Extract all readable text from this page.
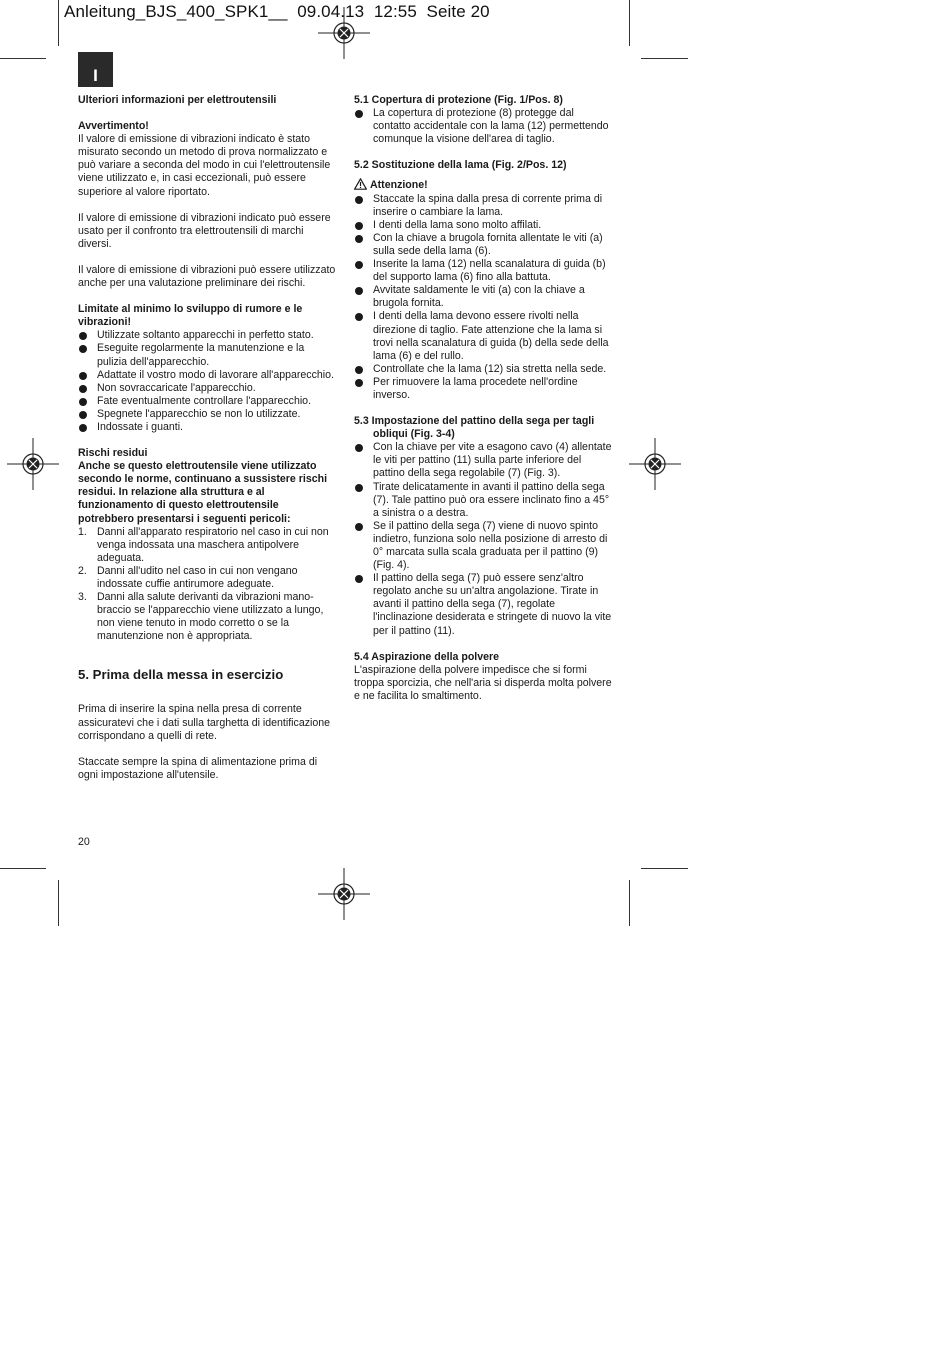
Anleitung_BJS_400_SPK1__  09.04.13  12:55  Seite 20
I

Ulteriori informazioni per elettroutensili

Avvertimento!

Il valore di emissione di vibrazioni indicato è stato misurato secondo un metodo di prova normalizzato e può variare a seconda del modo in cui l'elettroutensile viene utilizzato e, in casi eccezionali, può essere superiore al valore riportato.

Il valore di emissione di vibrazioni indicato può essere usato per il confronto tra elettroutensili di marchi diversi.

Il valore di emissione di vibrazioni può essere utilizzato anche per una valutazione preliminare dei rischi.

Limitate al minimo lo sviluppo di rumore e le vibrazioni!

Utilizzate soltanto apparecchi in perfetto stato.
Eseguite regolarmente la manutenzione e la pulizia dell'apparecchio.
Adattate il vostro modo di lavorare all'apparecchio.
Non sovraccaricate l'apparecchio.
Fate eventualmente controllare l'apparecchio.
Spegnete l'apparecchio se non lo utilizzate.
Indossate i guanti.

Rischi residui

Anche se questo elettroutensile viene utilizzato secondo le norme, continuano a sussistere rischi residui. In relazione alla struttura e al funzionamento di questo elettroutensile potrebbero presentarsi i seguenti pericoli:

1. Danni all'apparato respiratorio nel caso in cui non venga indossata una maschera antipolvere adeguata.
2. Danni all'udito nel caso in cui non vengano indossate cuffie antirumore adeguate.
3. Danni alla salute derivanti da vibrazioni mano-braccio se l'apparecchio viene utilizzato a lungo, non viene tenuto in modo corretto o se la manutenzione non è appropriata.

5. Prima della messa in esercizio

Prima di inserire la spina nella presa di corrente assicuratevi che i dati sulla targhetta di identificazione corrispondano a quelli di rete.

Staccate sempre la spina di alimentazione prima di ogni impostazione all'utensile.

5.1 Copertura di protezione (Fig. 1/Pos. 8)

La copertura di protezione (8) protegge dal contatto accidentale con la lama (12) permettendo comunque la visione dell'area di taglio.

5.2 Sostituzione della lama (Fig. 2/Pos. 12)

Attenzione!

Staccate la spina dalla presa di corrente prima di inserire o cambiare la lama.
I denti della lama sono molto affilati.
Con la chiave a brugola fornita allentate le viti (a) sulla sede della lama (6).
Inserite la lama (12) nella scanalatura di guida (b) del supporto lama (6) fino alla battuta.
Avvitate saldamente le viti (a) con la chiave a brugola fornita.
I denti della lama devono essere rivolti nella direzione di taglio. Fate attenzione che la lama si trovi nella scanalatura di guida (b) della sede della lama (6) e del rullo.
Controllate che la lama (12) sia stretta nella sede.
Per rimuovere la lama procedete nell'ordine inverso.

5.3 Impostazione del pattino della sega per tagli obliqui (Fig. 3-4)

Con la chiave per vite a esagono cavo (4) allentate le viti per pattino (11) sulla parte inferiore del pattino della sega regolabile (7) (Fig. 3).
Tirate delicatamente in avanti il pattino della sega (7). Tale pattino può ora essere inclinato fino a 45° a sinistra o a destra.
Se il pattino della sega (7) viene di nuovo spinto indietro, funziona solo nella posizione di arresto di 0° marcata sulla scala graduata per il pattino (9) (Fig. 4).
Il pattino della sega (7) può essere senz'altro regolato anche su un'altra angolazione. Tirate in avanti il pattino della sega (7), regolate l'inclinazione desiderata e stringete di nuovo la vite per il pattino (11).

5.4 Aspirazione della polvere

L'aspirazione della polvere impedisce che si formi troppa sporcizia, che nell'aria si disperda molta polvere e ne facilita lo smaltimento.

20
